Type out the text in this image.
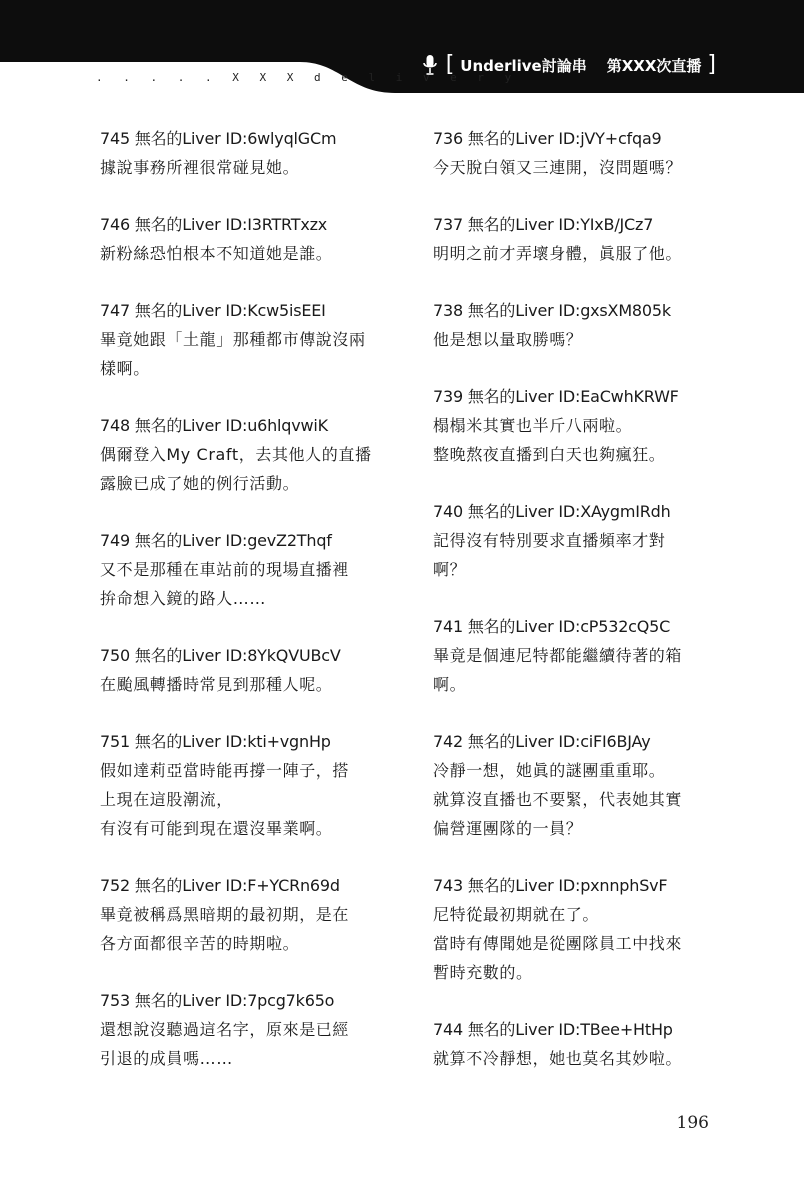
. . . . . X X X d e l i v e r y
[ Underlive討論串 第XXX次直播 ]
745 無名的Liver ID:6wlyqlGCm
據說事務所裡很常碰見她。
746 無名的Liver ID:I3RTRTxzx
新粉絲恐怕根本不知道她是誰。
747 無名的Liver ID:Kcw5isEEI
畢竟她跟「土龍」那種都市傳說沒兩
樣啊。
748 無名的Liver ID:u6hlqvwiK
偶爾登入My Craft，去其他人的直播
露臉已成了她的例行活動。
749 無名的Liver ID:gevZ2Thqf
又不是那種在車站前的現場直播裡
拚命想入鏡的路人……
750 無名的Liver ID:8YkQVUBcV
在颱風轉播時常見到那種人呢。
751 無名的Liver ID:kti+vgnHp
假如達莉亞當時能再撐一陣子，搭
上現在這股潮流，
有沒有可能到現在還沒畢業啊。
752 無名的Liver ID:F+YCRn69d
畢竟被稱爲黑暗期的最初期，是在
各方面都很辛苦的時期啦。
753 無名的Liver ID:7pcg7k65o
還想說沒聽過這名字，原來是已經
引退的成員嗎……
736 無名的Liver ID:jVY+cfqa9
今天脫白領又三連開，沒問題嗎？
737 無名的Liver ID:YIxB/JCz7
明明之前才弄壞身體，眞服了他。
738 無名的Liver ID:gxsXM805k
他是想以量取勝嗎？
739 無名的Liver ID:EaCwhKRWF
榻榻米其實也半斤八兩啦。
整晚熬夜直播到白天也夠瘋狂。
740 無名的Liver ID:XAygmIRdh
記得沒有特別要求直播頻率才對
啊？
741 無名的Liver ID:cP532cQ5C
畢竟是個連尼特都能繼續待著的箱
啊。
742 無名的Liver ID:ciFI6BJAy
冷靜一想，她眞的謎團重重耶。
就算沒直播也不要緊，代表她其實
偏營運團隊的一員？
743 無名的Liver ID:pxnnphSvF
尼特從最初期就在了。
當時有傳聞她是從團隊員工中找來
暫時充數的。
744 無名的Liver ID:TBee+HtHp
就算不冷靜想，她也莫名其妙啦。
196
